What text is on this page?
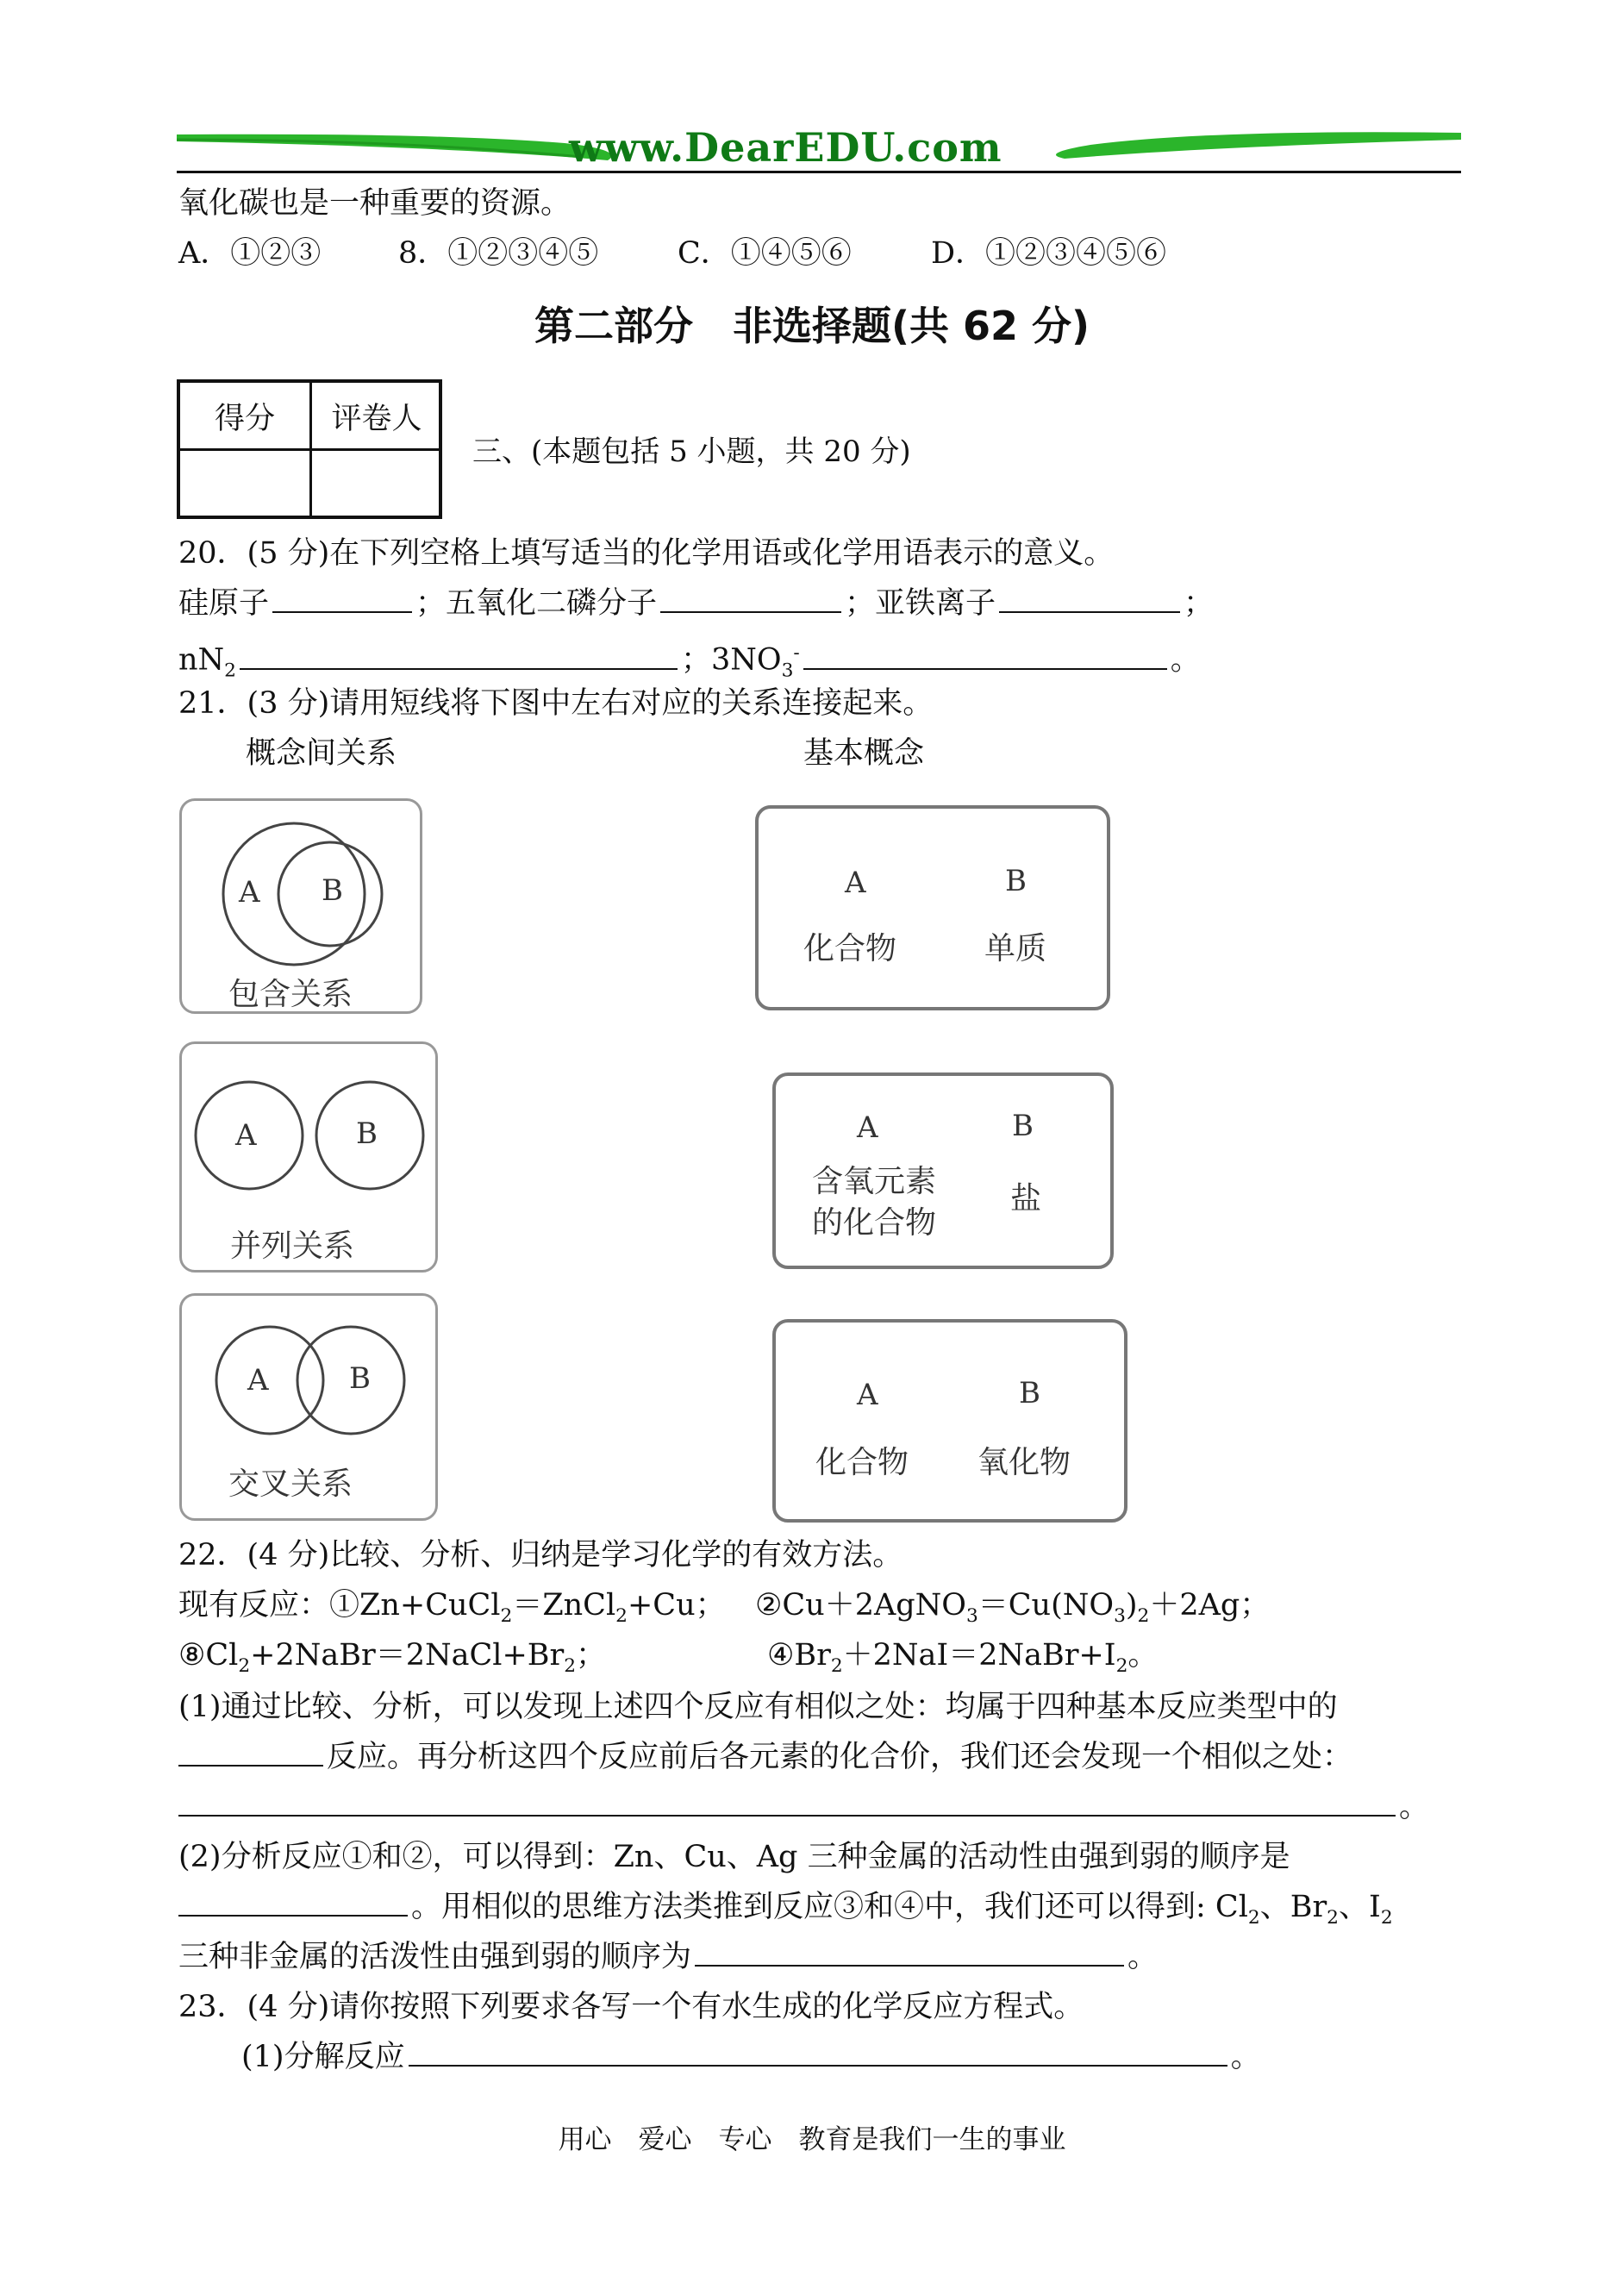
www.DearEDU.com
氧化碳也是一种重要的资源。
A．①②③	8．①②③④⑤	C．①④⑤⑥	D．①②③④⑤⑥
第二部分　非选择题(共 62 分)
得分	评卷人
三、(本题包括 5 小题，共 20 分)
20．(5 分)在下列空格上填写适当的化学用语或化学用语表示的意义。
硅原子	；五氧化二磷分子	；亚铁离子	；
$nN_2$	；$3NO_3^-$	。
21．(3 分)请用短线将下图中左右对应的关系连接起来。
概念间关系	基本概念
A B
包含关系
A	B
并列关系
A	B
交叉关系
A	B
化合物	单质
A	B
含氧元素
的化合物
盐
A	B
化合物 氧化物
22．(4 分)比较、分析、归纳是学习化学的有效方法。
现有反应：①Zn+CuCl$_2$＝ZnCl$_2$+Cu； $②Cu+2AgNO_3=Cu(NO_3)_2+2Ag$；
$⑧Cl_2+2NaBr=2NaCl+Br_2$；	$④Br_2+2NaI=2NaBr+I_2$。
(1)通过比较、分析，可以发现上述四个反应有相似之处：均属于四种基本反应类型中的
反应。再分析这四个反应前后各元素的化合价，我们还会发现一个相似之处：
。
(2)分析反应①和②，可以得到：Zn、Cu、Ag 三种金属的活动性由强到弱的顺序是
。用相似的思维方法类推到反应③和④中，我们还可以得到: $Cl_2$、$Br_2$、$I_2$
三种非金属的活泼性由强到弱的顺序为	。
23．(4 分)请你按照下列要求各写一个有水生成的化学反应方程式。
(1)分解反应	。
用心　爱心　专心　教育是我们一生的事业
